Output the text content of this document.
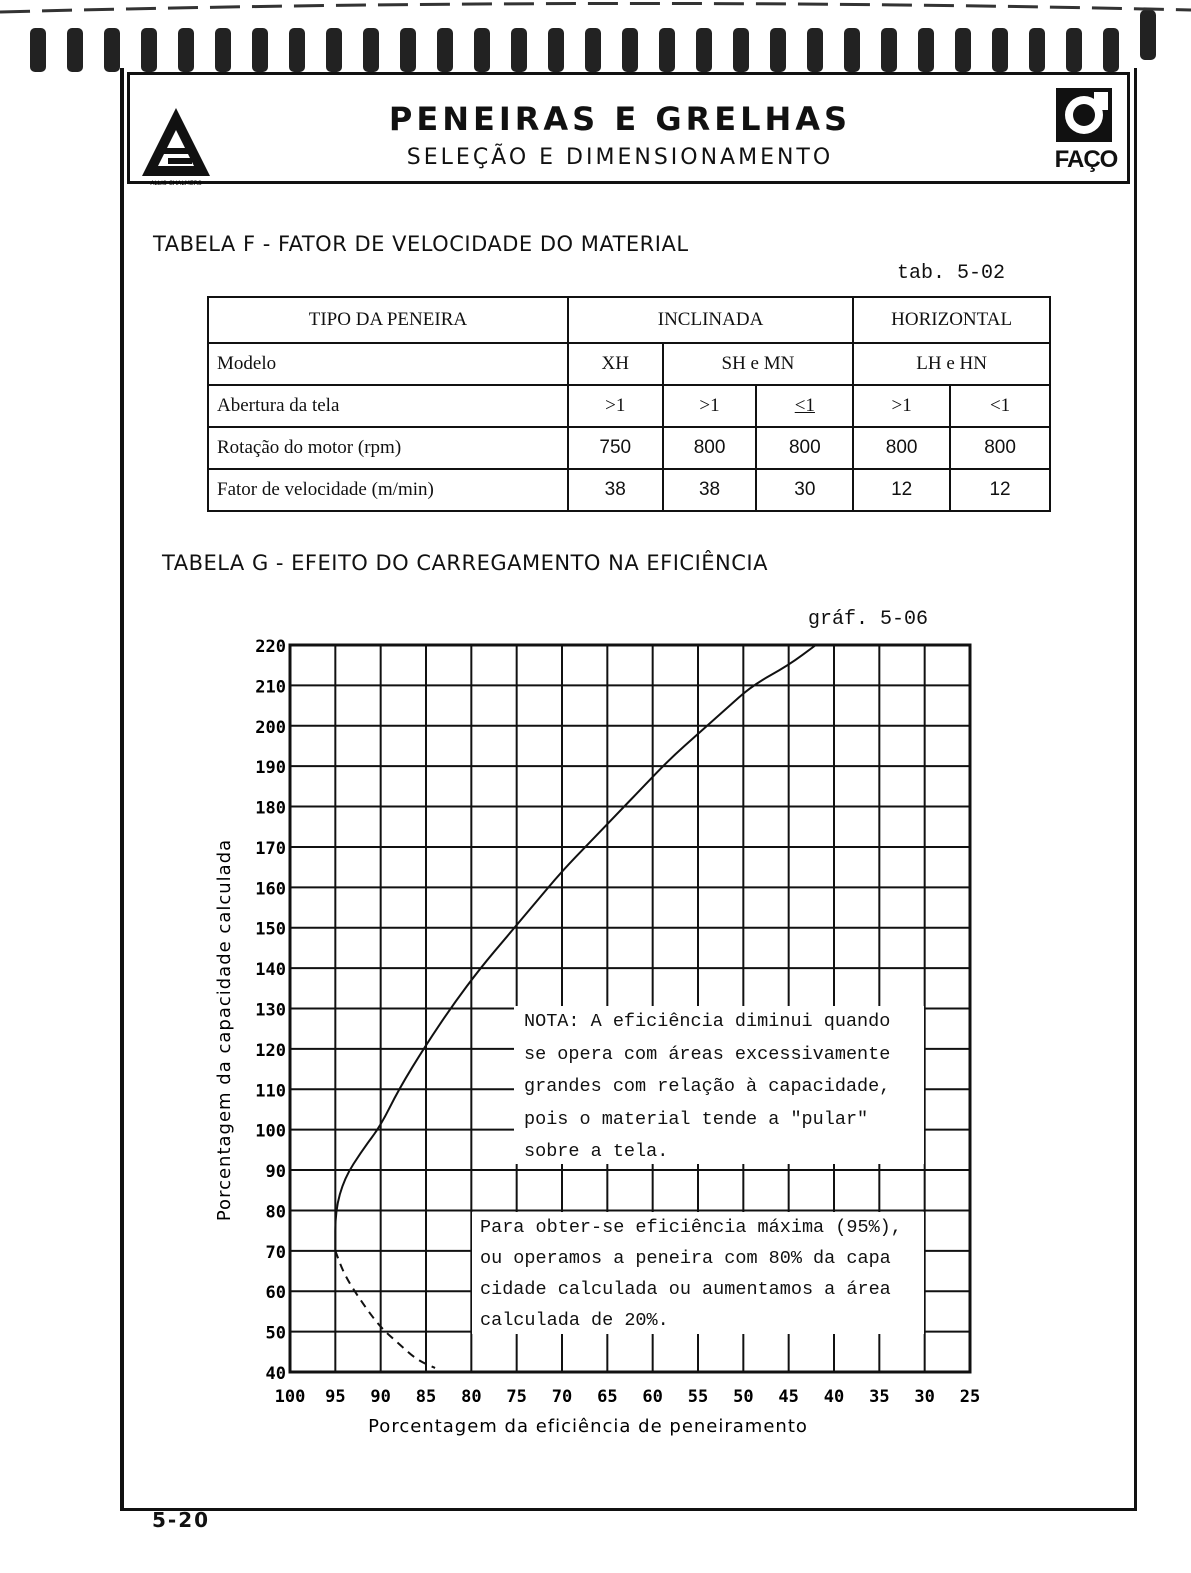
ALLIS CHALMERS
FAÇO
PENEIRAS E GRELHAS
SELEÇÃO E DIMENSIONAMENTO
TABELA F - FATOR DE VELOCIDADE DO MATERIAL
tab. 5-02
TIPO DA PENEIRA	INCLINADA			HORIZONTAL	
Modelo	XH	SH e MN		LH e HN	
Abertura da tela	>1	>1	<1	>1	<1
Rotação do motor (rpm)	750	800	800	800	800
Fator de velocidade (m/min)	38	38	30	12	12
TABELA G - EFEITO DO CARREGAMENTO NA EFICIÊNCIA
gráf. 5-06
40
50
60
70
80
90
100
110
120
130
140
150
160
170
180
190
200
210
220
100 95 90 85 80 75 70 65 60 55 50 45 40 35 30 25
Porcentagem da capacidade calculada
Porcentagem da eficiência de peneiramento
NOTA: A eficiência diminui quando
se opera com áreas excessivamente
grandes com relação à capacidade,
pois o material tende a "pular"
sobre a tela.
Para obter-se eficiência máxima (95%),
ou operamos a peneira com 80% da capa
cidade calculada ou aumentamos a área
calculada de 20%.
5-20
